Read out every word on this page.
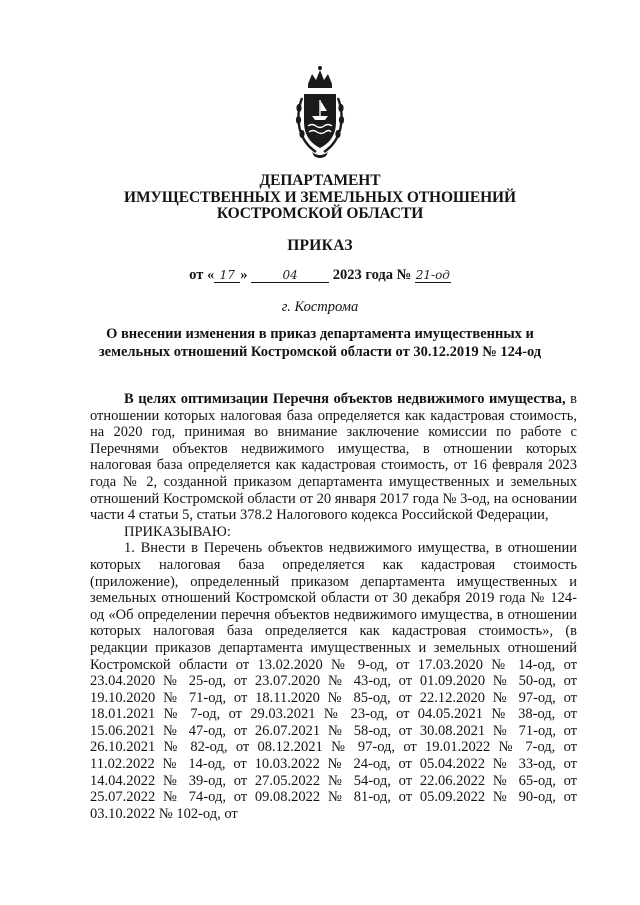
ДЕПАРТАМЕНТ
ИМУЩЕСТВЕННЫХ И ЗЕМЕЛЬНЫХ ОТНОШЕНИЙ
КОСТРОМСКОЙ ОБЛАСТИ
ПРИКАЗ
от « 17 »	04 2023 года № 21-од
г. Кострома
О внесении изменения в приказ департамента имущественных и
земельных отношений Костромской области от 30.12.2019 № 124-од

В целях оптимизации Перечня объектов недвижимого имущества, в отношении которых налоговая база определяется как кадастровая стоимость, на 2020 год, принимая во внимание заключение комиссии по работе с Перечнями объектов недвижимого имущества, в отношении которых налоговая база определяется как кадастровая стоимость, от 16 февраля 2023 года № 2, созданной приказом департамента имущественных и земельных отношений Костромской области от 20 января 2017 года № 3-од, на основании части 4 статьи 5, статьи 378.2 Налогового кодекса Российской Федерации,

ПРИКАЗЫВАЮ:

1. Внести в Перечень объектов недвижимого имущества, в отношении которых налоговая база определяется как кадастровая стоимость (приложение), определенный приказом департамента имущественных и земельных отношений Костромской области от 30 декабря 2019 года № 124-од «Об определении перечня объектов недвижимого имущества, в отношении которых налоговая база определяется как кадастровая стоимость», (в редакции приказов департамента имущественных и земельных отношений Костромской области от 13.02.2020 № 9-од, от 17.03.2020 № 14-од, от 23.04.2020 № 25-од, от 23.07.2020 № 43-од, от 01.09.2020 № 50-од, от 19.10.2020 № 71-од, от 18.11.2020 № 85-од, от 22.12.2020 № 97-од, от 18.01.2021 № 7-од, от 29.03.2021 № 23-од, от 04.05.2021 № 38-од, от 15.06.2021 № 47-од, от 26.07.2021 № 58-од, от 30.08.2021 № 71-од, от 26.10.2021 № 82-од, от 08.12.2021 № 97-од, от 19.01.2022 № 7-од, от 11.02.2022 № 14-од, от 10.03.2022 № 24-од, от 05.04.2022 № 33-од, от 14.04.2022 № 39-од, от 27.05.2022 № 54-од, от 22.06.2022 № 65-од, от 25.07.2022 № 74-од, от 09.08.2022 № 81-од, от 05.09.2022 № 90-од, от 03.10.2022 № 102-од, от
